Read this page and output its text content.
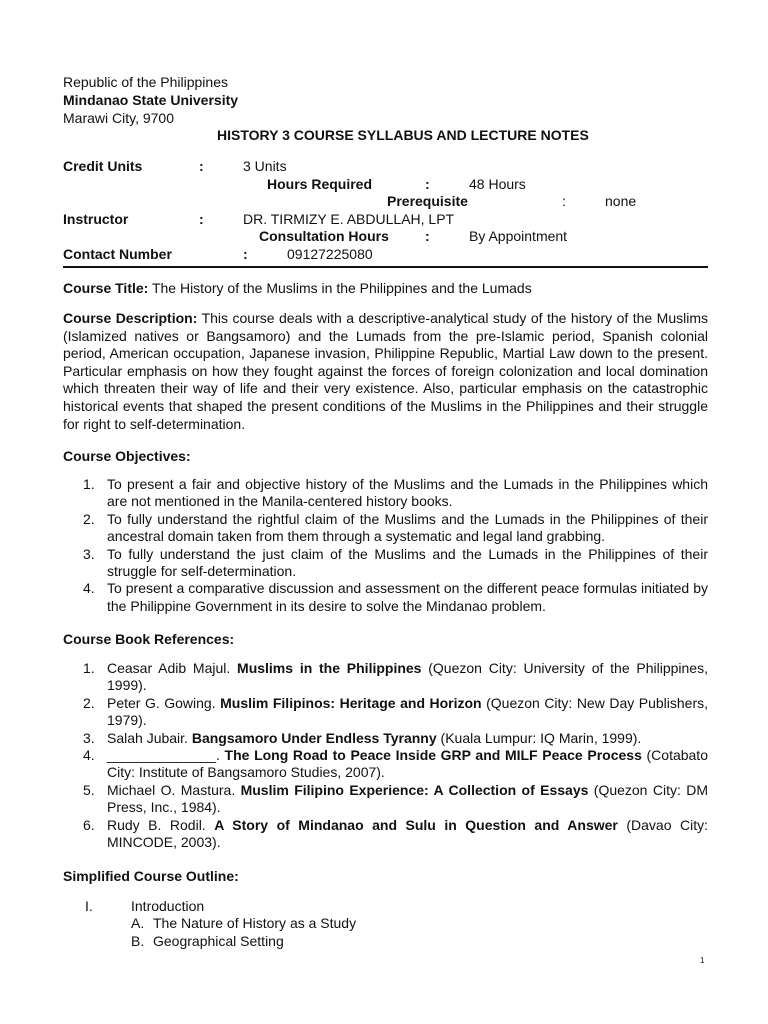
Republic of the Philippines
Mindanao State University
Marawi City, 9700
HISTORY 3 COURSE SYLLABUS AND LECTURE NOTES
Credit Units	:	3 Units
Hours Required	:	48 Hours
Prerequisite	:	none
Instructor	:	DR. TIRMIZY E. ABDULLAH, LPT
Consultation Hours	:	By Appointment
Contact Number	:	09127225080
Course Title: The History of the Muslims in the Philippines and the Lumads
Course Description: This course deals with a descriptive-analytical study of the history of the Muslims (Islamized natives or Bangsamoro) and the Lumads from the pre-Islamic period, Spanish colonial period, American occupation, Japanese invasion, Philippine Republic, Martial Law down to the present. Particular emphasis on how they fought against the forces of foreign colonization and local domination which threaten their way of life and their very existence. Also, particular emphasis on the catastrophic historical events that shaped the present conditions of the Muslims in the Philippines and their struggle for right to self-determination.
Course Objectives:
1. To present a fair and objective history of the Muslims and the Lumads in the Philippines which are not mentioned in the Manila-centered history books.
2. To fully understand the rightful claim of the Muslims and the Lumads in the Philippines of their ancestral domain taken from them through a systematic and legal land grabbing.
3. To fully understand the just claim of the Muslims and the Lumads in the Philippines of their struggle for self-determination.
4. To present a comparative discussion and assessment on the different peace formulas initiated by the Philippine Government in its desire to solve the Mindanao problem.
Course Book References:
1. Ceasar Adib Majul. Muslims in the Philippines (Quezon City: University of the Philippines, 1999).
2. Peter G. Gowing. Muslim Filipinos: Heritage and Horizon (Quezon City: New Day Publishers, 1979).
3. Salah Jubair. Bangsamoro Under Endless Tyranny (Kuala Lumpur: IQ Marin, 1999).
4. ______________. The Long Road to Peace Inside GRP and MILF Peace Process (Cotabato City: Institute of Bangsamoro Studies, 2007).
5. Michael O. Mastura. Muslim Filipino Experience: A Collection of Essays (Quezon City: DM Press, Inc., 1984).
6. Rudy B. Rodil. A Story of Mindanao and Sulu in Question and Answer (Davao City: MINCODE, 2003).
Simplified Course Outline:
I.	Introduction
A. The Nature of History as a Study
B. Geographical Setting
1
